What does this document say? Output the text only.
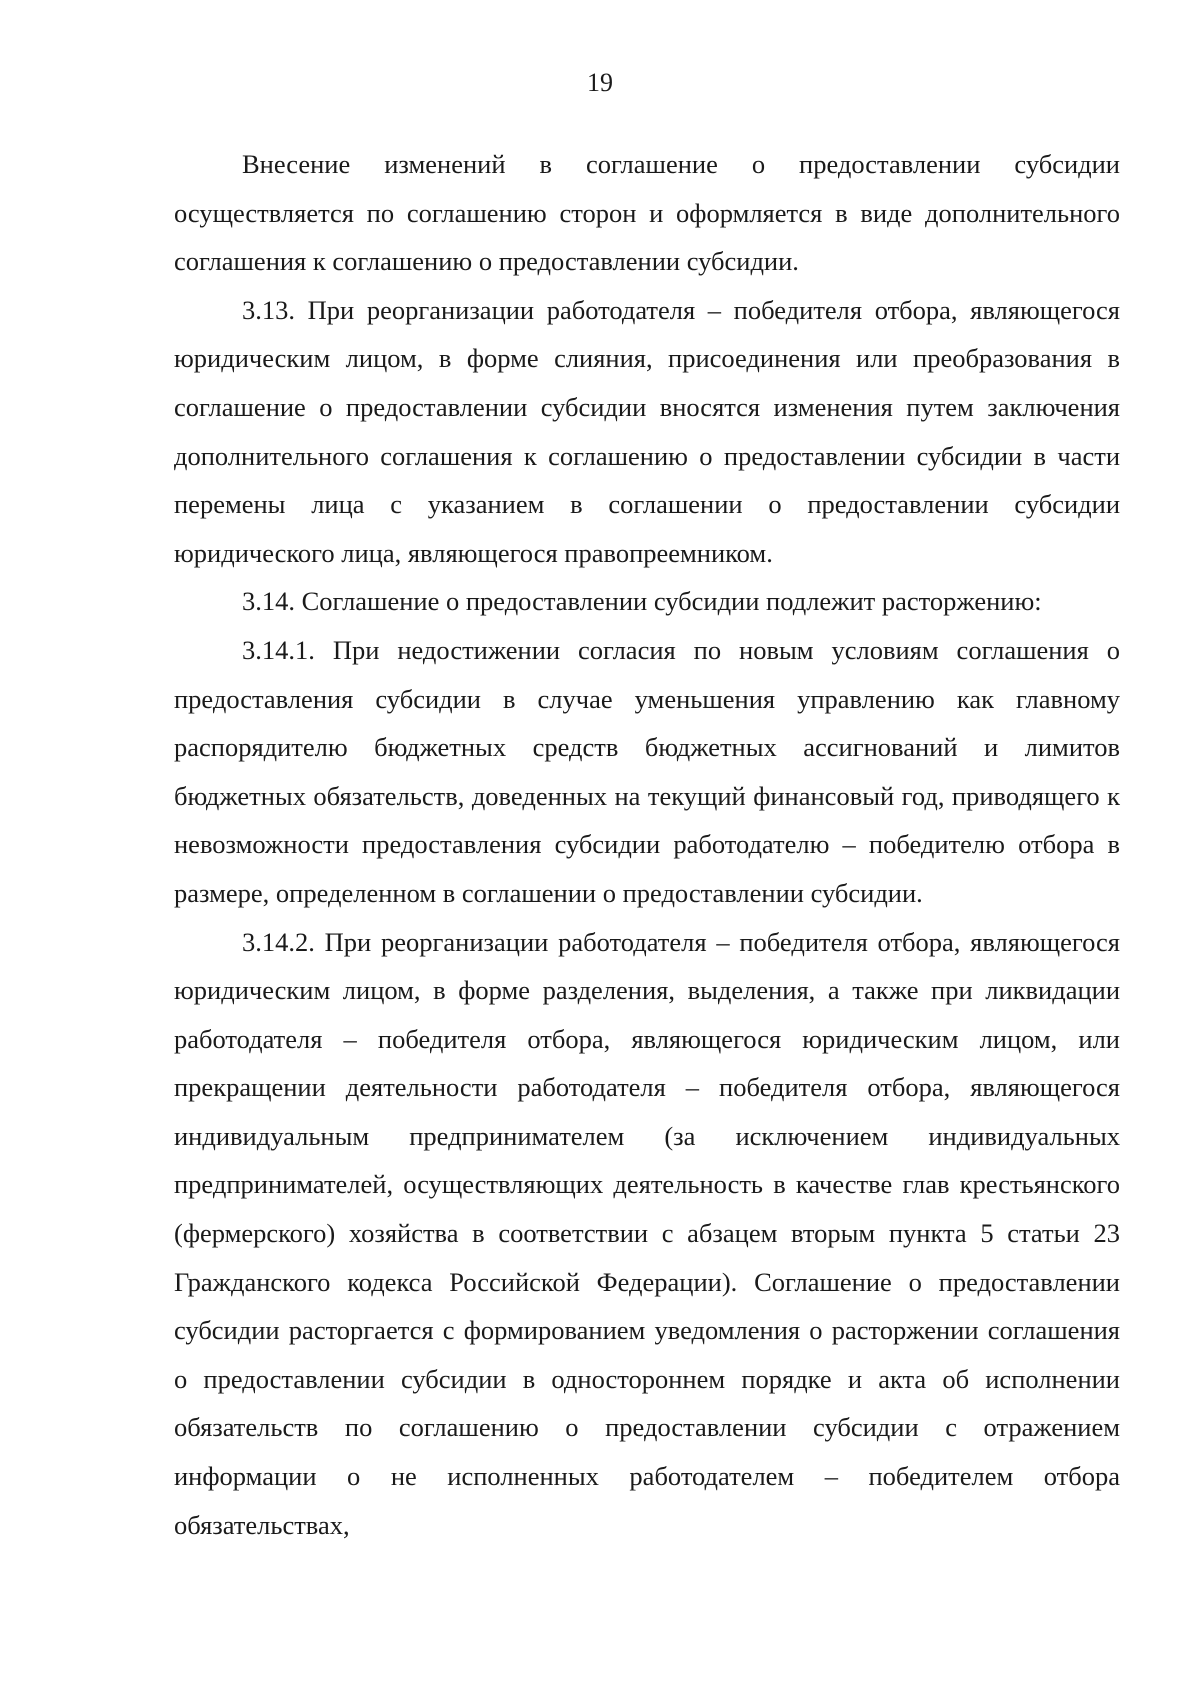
19

Внесение изменений в соглашение о предоставлении субсидии осуществляется по соглашению сторон и оформляется в виде дополнительного соглашения к соглашению о предоставлении субсидии.

3.13. При реорганизации работодателя – победителя отбора, являющегося юридическим лицом, в форме слияния, присоединения или преобразования в соглашение о предоставлении субсидии вносятся изменения путем заключения дополнительного соглашения к соглашению о предоставлении субсидии в части перемены лица с указанием в соглашении о предоставлении субсидии юридического лица, являющегося правопреемником.

3.14. Соглашение о предоставлении субсидии подлежит расторжению:

3.14.1. При недостижении согласия по новым условиям соглашения о предоставления субсидии в случае уменьшения управлению как главному распорядителю бюджетных средств бюджетных ассигнований и лимитов бюджетных обязательств, доведенных на текущий финансовый год, приводящего к невозможности предоставления субсидии работодателю – победителю отбора в размере, определенном в соглашении о предоставлении субсидии.

3.14.2. При реорганизации работодателя – победителя отбора, являющегося юридическим лицом, в форме разделения, выделения, а также при ликвидации работодателя – победителя отбора, являющегося юридическим лицом, или прекращении деятельности работодателя – победителя отбора, являющегося индивидуальным предпринимателем (за исключением индивидуальных предпринимателей, осуществляющих деятельность в качестве глав крестьянского (фермерского) хозяйства в соответствии с абзацем вторым пункта 5 статьи 23 Гражданского кодекса Российской Федерации). Соглашение о предоставлении субсидии расторгается с формированием уведомления о расторжении соглашения о предоставлении субсидии в одностороннем порядке и акта об исполнении обязательств по соглашению о предоставлении субсидии с отражением информации о не исполненных работодателем – победителем отбора обязательствах,
